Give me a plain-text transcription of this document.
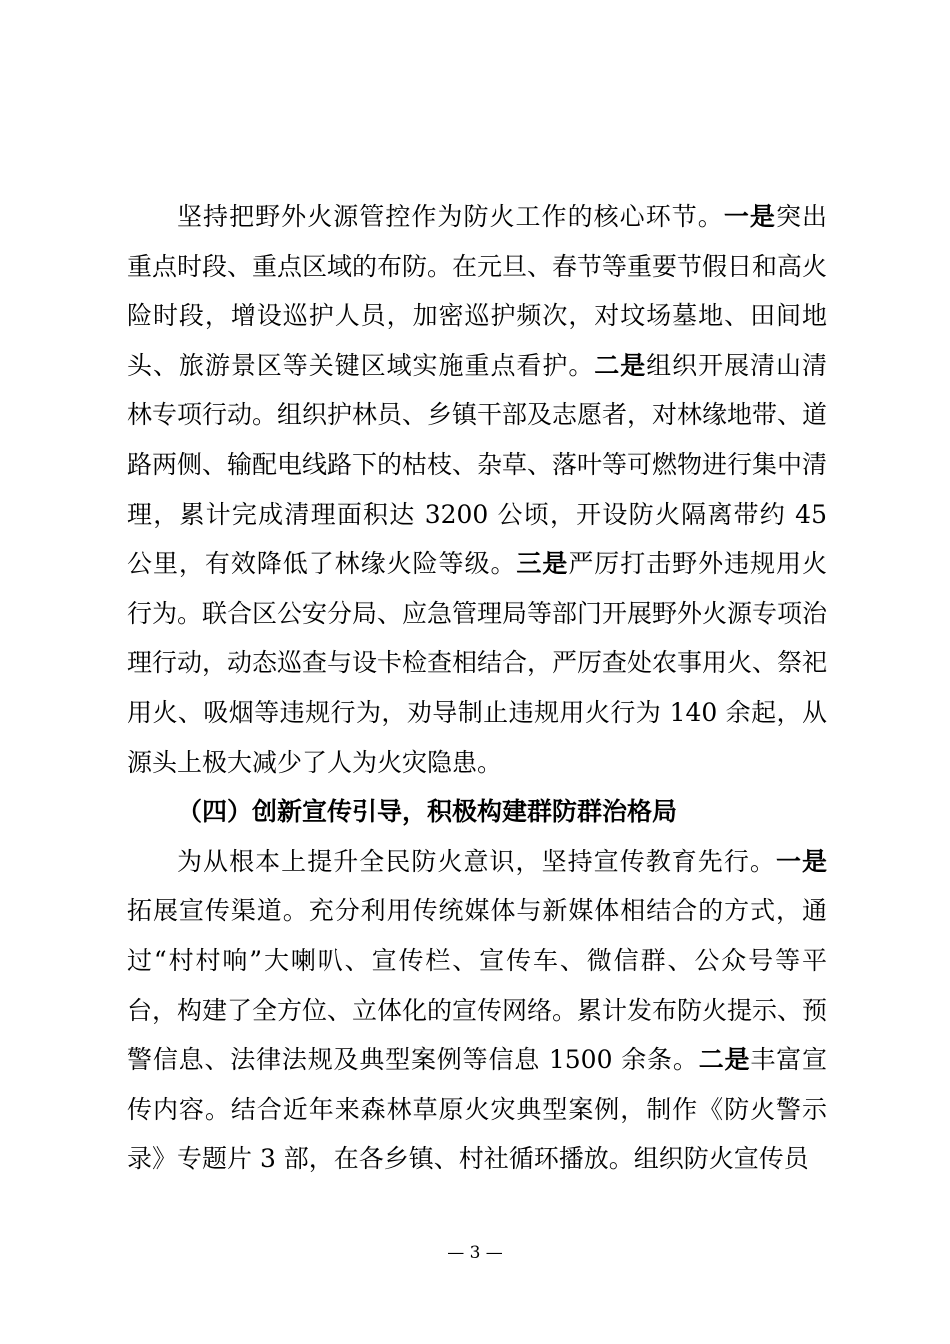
坚持把野外火源管控作为防火工作的核心环节。一是突出重点时段、重点区域的布防。在元旦、春节等重要节假日和高火险时段，增设巡护人员，加密巡护频次，对坟场墓地、田间地头、旅游景区等关键区域实施重点看护。二是组织开展清山清林专项行动。组织护林员、乡镇干部及志愿者，对林缘地带、道路两侧、输配电线路下的枯枝、杂草、落叶等可燃物进行集中清理，累计完成清理面积达 3200 公顷，开设防火隔离带约 45 公里，有效降低了林缘火险等级。三是严厉打击野外违规用火行为。联合区公安分局、应急管理局等部门开展野外火源专项治理行动，动态巡查与设卡检查相结合，严厉查处农事用火、祭祀用火、吸烟等违规行为，劝导制止违规用火行为 140 余起，从源头上极大减少了人为火灾隐患。

（四）创新宣传引导，积极构建群防群治格局

为从根本上提升全民防火意识，坚持宣传教育先行。一是拓展宣传渠道。充分利用传统媒体与新媒体相结合的方式，通过“村村响”大喇叭、宣传栏、宣传车、微信群、公众号等平台，构建了全方位、立体化的宣传网络。累计发布防火提示、预警信息、法律法规及典型案例等信息 1500 余条。二是丰富宣传内容。结合近年来森林草原火灾典型案例，制作《防火警示录》专题片 3 部，在各乡镇、村社循环播放。组织防火宣传员

— 3 —
